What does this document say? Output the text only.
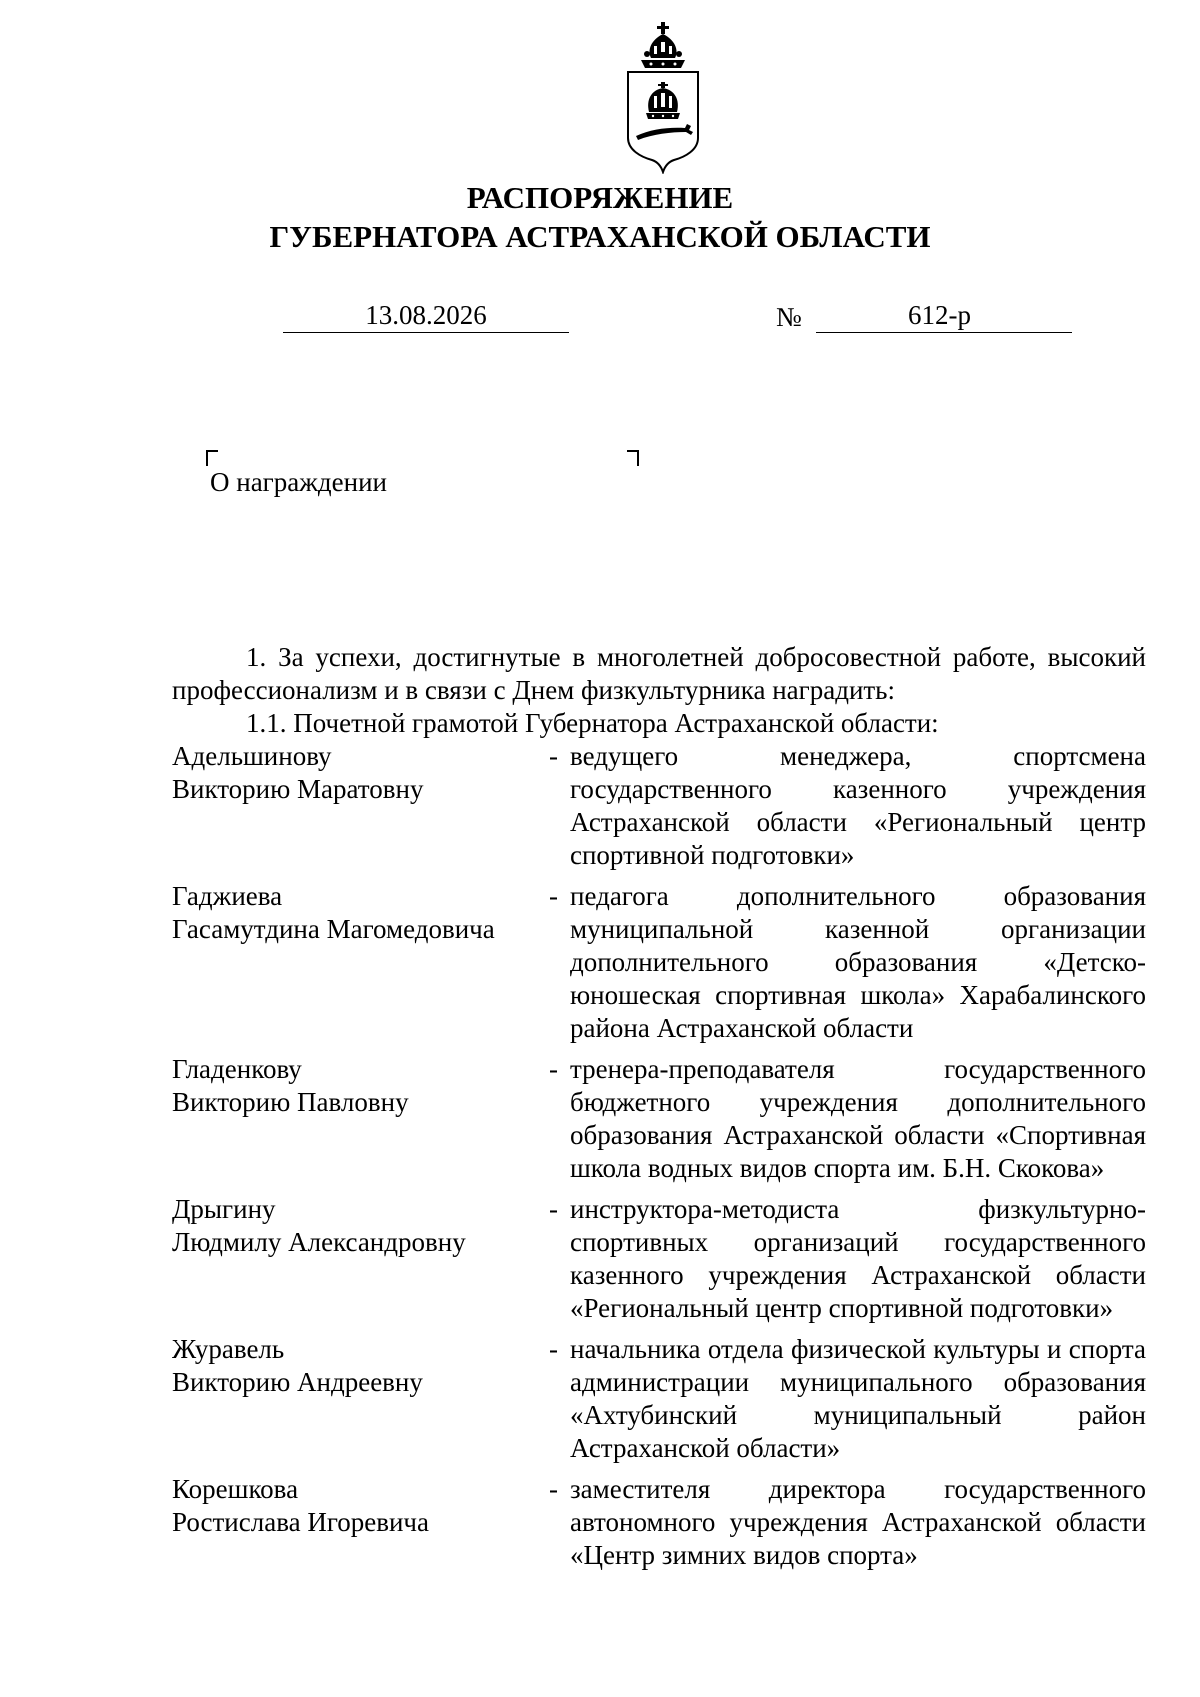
РАСПОРЯЖЕНИЕ
ГУБЕРНАТОРА АСТРАХАНСКОЙ ОБЛАСТИ
13.08.2026	№	612-р
О награждении
1. За успехи, достигнутые в многолетней добросовестной работе, высокий профессионализм и в связи с Днем физкультурника наградить:
1.1. Почетной грамотой Губернатора Астраханской области:
Адельшинову
Викторию Маратовну
- ведущего менеджера, спортсмена государственного казенного учреждения Астраханской области «Региональный центр спортивной подготовки»
Гаджиева
Гасамутдина Магомедовича
- педагога дополнительного образования муниципальной казенной организации дополнительного образования «Детско-юношеская спортивная школа» Харабалинского района Астраханской области
Гладенкову
Викторию Павловну
- тренера-преподавателя государственного бюджетного учреждения дополнительного образования Астраханской области «Спортивная школа водных видов спорта им. Б.Н. Скокова»
Дрыгину
Людмилу Александровну
- инструктора-методиста физкультурно-спортивных организаций государственного казенного учреждения Астраханской области «Региональный центр спортивной подготовки»
Журавель
Викторию Андреевну
- начальника отдела физической культуры и спорта администрации муниципального образования «Ахтубинский муниципальный район Астраханской области»
Корешкова
Ростислава Игоревича
- заместителя директора государственного автономного учреждения Астраханской области «Центр зимних видов спорта»
